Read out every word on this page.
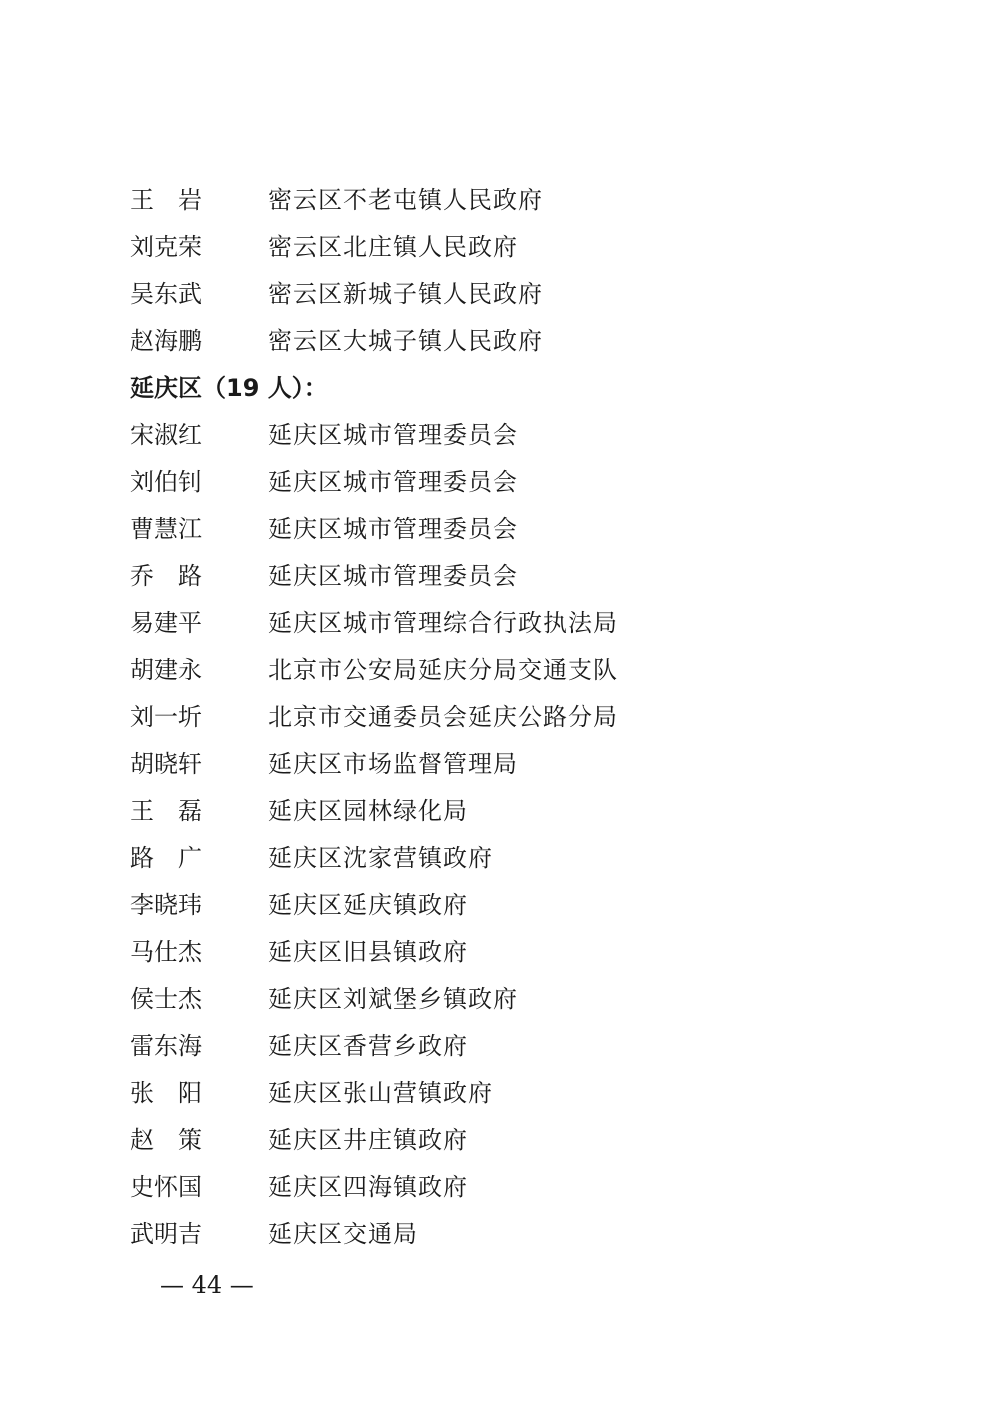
王　岩	密云区不老屯镇人民政府
刘克荣	密云区北庄镇人民政府
吴东武	密云区新城子镇人民政府
赵海鹏	密云区大城子镇人民政府
延庆区（19 人）：
宋淑红	延庆区城市管理委员会
刘伯钊	延庆区城市管理委员会
曹慧江	延庆区城市管理委员会
乔　路	延庆区城市管理委员会
易建平	延庆区城市管理综合行政执法局
胡建永	北京市公安局延庆分局交通支队
刘一圻	北京市交通委员会延庆公路分局
胡晓轩	延庆区市场监督管理局
王　磊	延庆区园林绿化局
路　广	延庆区沈家营镇政府
李晓玮	延庆区延庆镇政府
马仕杰	延庆区旧县镇政府
侯士杰	延庆区刘斌堡乡镇政府
雷东海	延庆区香营乡政府
张　阳	延庆区张山营镇政府
赵　策	延庆区井庄镇政府
史怀国	延庆区四海镇政府
武明吉	延庆区交通局
— 44 —
